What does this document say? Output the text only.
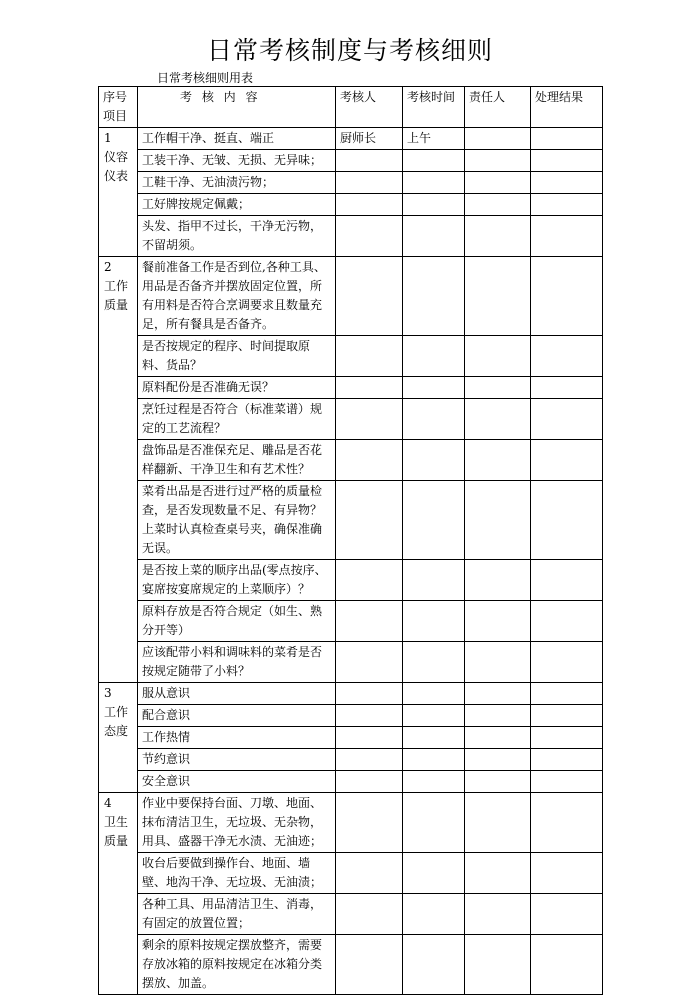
日常考核制度与考核细则
日常考核细则用表
序号
项目	考 核 内 容	考核人	考核时间	责任人	处理结果

1
仪容
仪表	工作帽干净、挺直、端正	厨师长	上午		
	工装干净、无皱、无损、无异味；				
	工鞋干净、无油渍污物；				
	工好牌按规定佩戴；				
	头发、指甲不过长，干净无污物，不留胡须。				

2
工作
质量	餐前准备工作是否到位,各种工具、用品是否备齐并摆放固定位置，所有用料是否符合烹调要求且数量充足，所有餐具是否备齐。				
	是否按规定的程序、时间提取原料、货品？				
	原料配份是否准确无误？				
	烹饪过程是否符合（标准菜谱）规定的工艺流程？				
	盘饰品是否准保充足、雕品是否花样翻新、干净卫生和有艺术性？				
	菜肴出品是否进行过严格的质量检查，是否发现数量不足、有异物？上菜时认真检查桌号夹，确保准确无误。				
	是否按上菜的顺序出品(零点按序、宴席按宴席规定的上菜顺序）？				
	原料存放是否符合规定（如生、熟分开等）				
	应该配带小料和调味料的菜肴是否按规定随带了小料？				

3
工作
态度	服从意识				
	配合意识				
	工作热情				
	节约意识				
	安全意识				

4
卫生
质量	作业中要保持台面、刀墩、地面、抹布清洁卫生，无垃圾、无杂物，用具、盛器干净无水渍、无油迹；				
	收台后要做到操作台、地面、墙壁、地沟干净、无垃圾、无油渍；				
	各种工具、用品清洁卫生、消毒，有固定的放置位置；				
	剩余的原料按规定摆放整齐，需要存放冰箱的原料按规定在冰箱分类摆放、加盖。				
